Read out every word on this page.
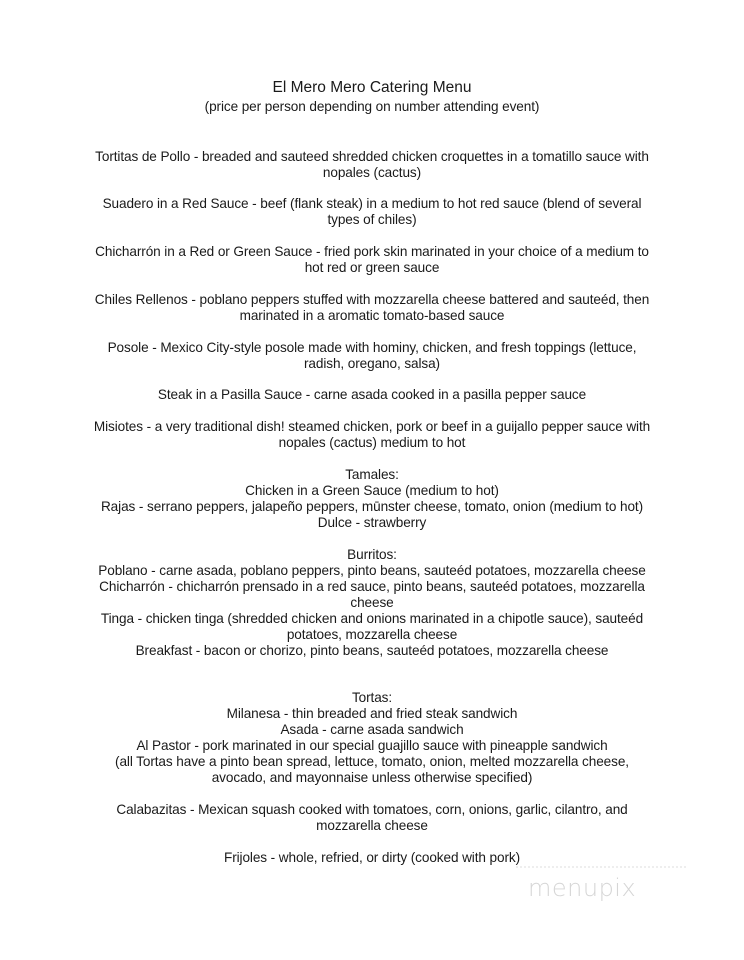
El Mero Mero Catering Menu
(price per person depending on number attending event)
Tortitas de Pollo - breaded and sauteed shredded chicken croquettes in a tomatillo sauce with
nopales (cactus)
Suadero in a Red Sauce - beef (flank steak) in a medium to hot red sauce (blend of several
types of chiles)
Chicharrón in a Red or Green Sauce - fried pork skin marinated in your choice of a medium to
hot red or green sauce
Chiles Rellenos - poblano peppers stuffed with mozzarella cheese battered and sauteéd, then
marinated in a aromatic tomato-based sauce
Posole - Mexico City-style posole made with hominy, chicken, and fresh toppings (lettuce,
radish, oregano, salsa)
Steak in a Pasilla Sauce - carne asada cooked in a pasilla pepper sauce
Misiotes - a very traditional dish! steamed chicken, pork or beef in a guijallo pepper sauce with
nopales (cactus) medium to hot
Tamales:
Chicken in a Green Sauce (medium to hot)
Rajas - serrano peppers, jalapeño peppers, mūnster cheese, tomato, onion (medium to hot)
Dulce - strawberry
Burritos:
Poblano - carne asada, poblano peppers, pinto beans, sauteéd potatoes, mozzarella cheese
Chicharrón - chicharrón prensado in a red sauce, pinto beans, sauteéd potatoes, mozzarella
cheese
Tinga - chicken tinga (shredded chicken and onions marinated in a chipotle sauce), sauteéd
potatoes, mozzarella cheese
Breakfast - bacon or chorizo, pinto beans, sauteéd potatoes, mozzarella cheese
Tortas:
Milanesa - thin breaded and fried steak sandwich
Asada - carne asada sandwich
Al Pastor - pork marinated in our special guajillo sauce with pineapple sandwich
(all Tortas have a pinto bean spread, lettuce, tomato, onion, melted mozzarella cheese,
avocado, and mayonnaise unless otherwise specified)
Calabazitas - Mexican squash cooked with tomatoes, corn, onions, garlic, cilantro, and
mozzarella cheese
Frijoles - whole, refried, or dirty (cooked with pork)
menupix
